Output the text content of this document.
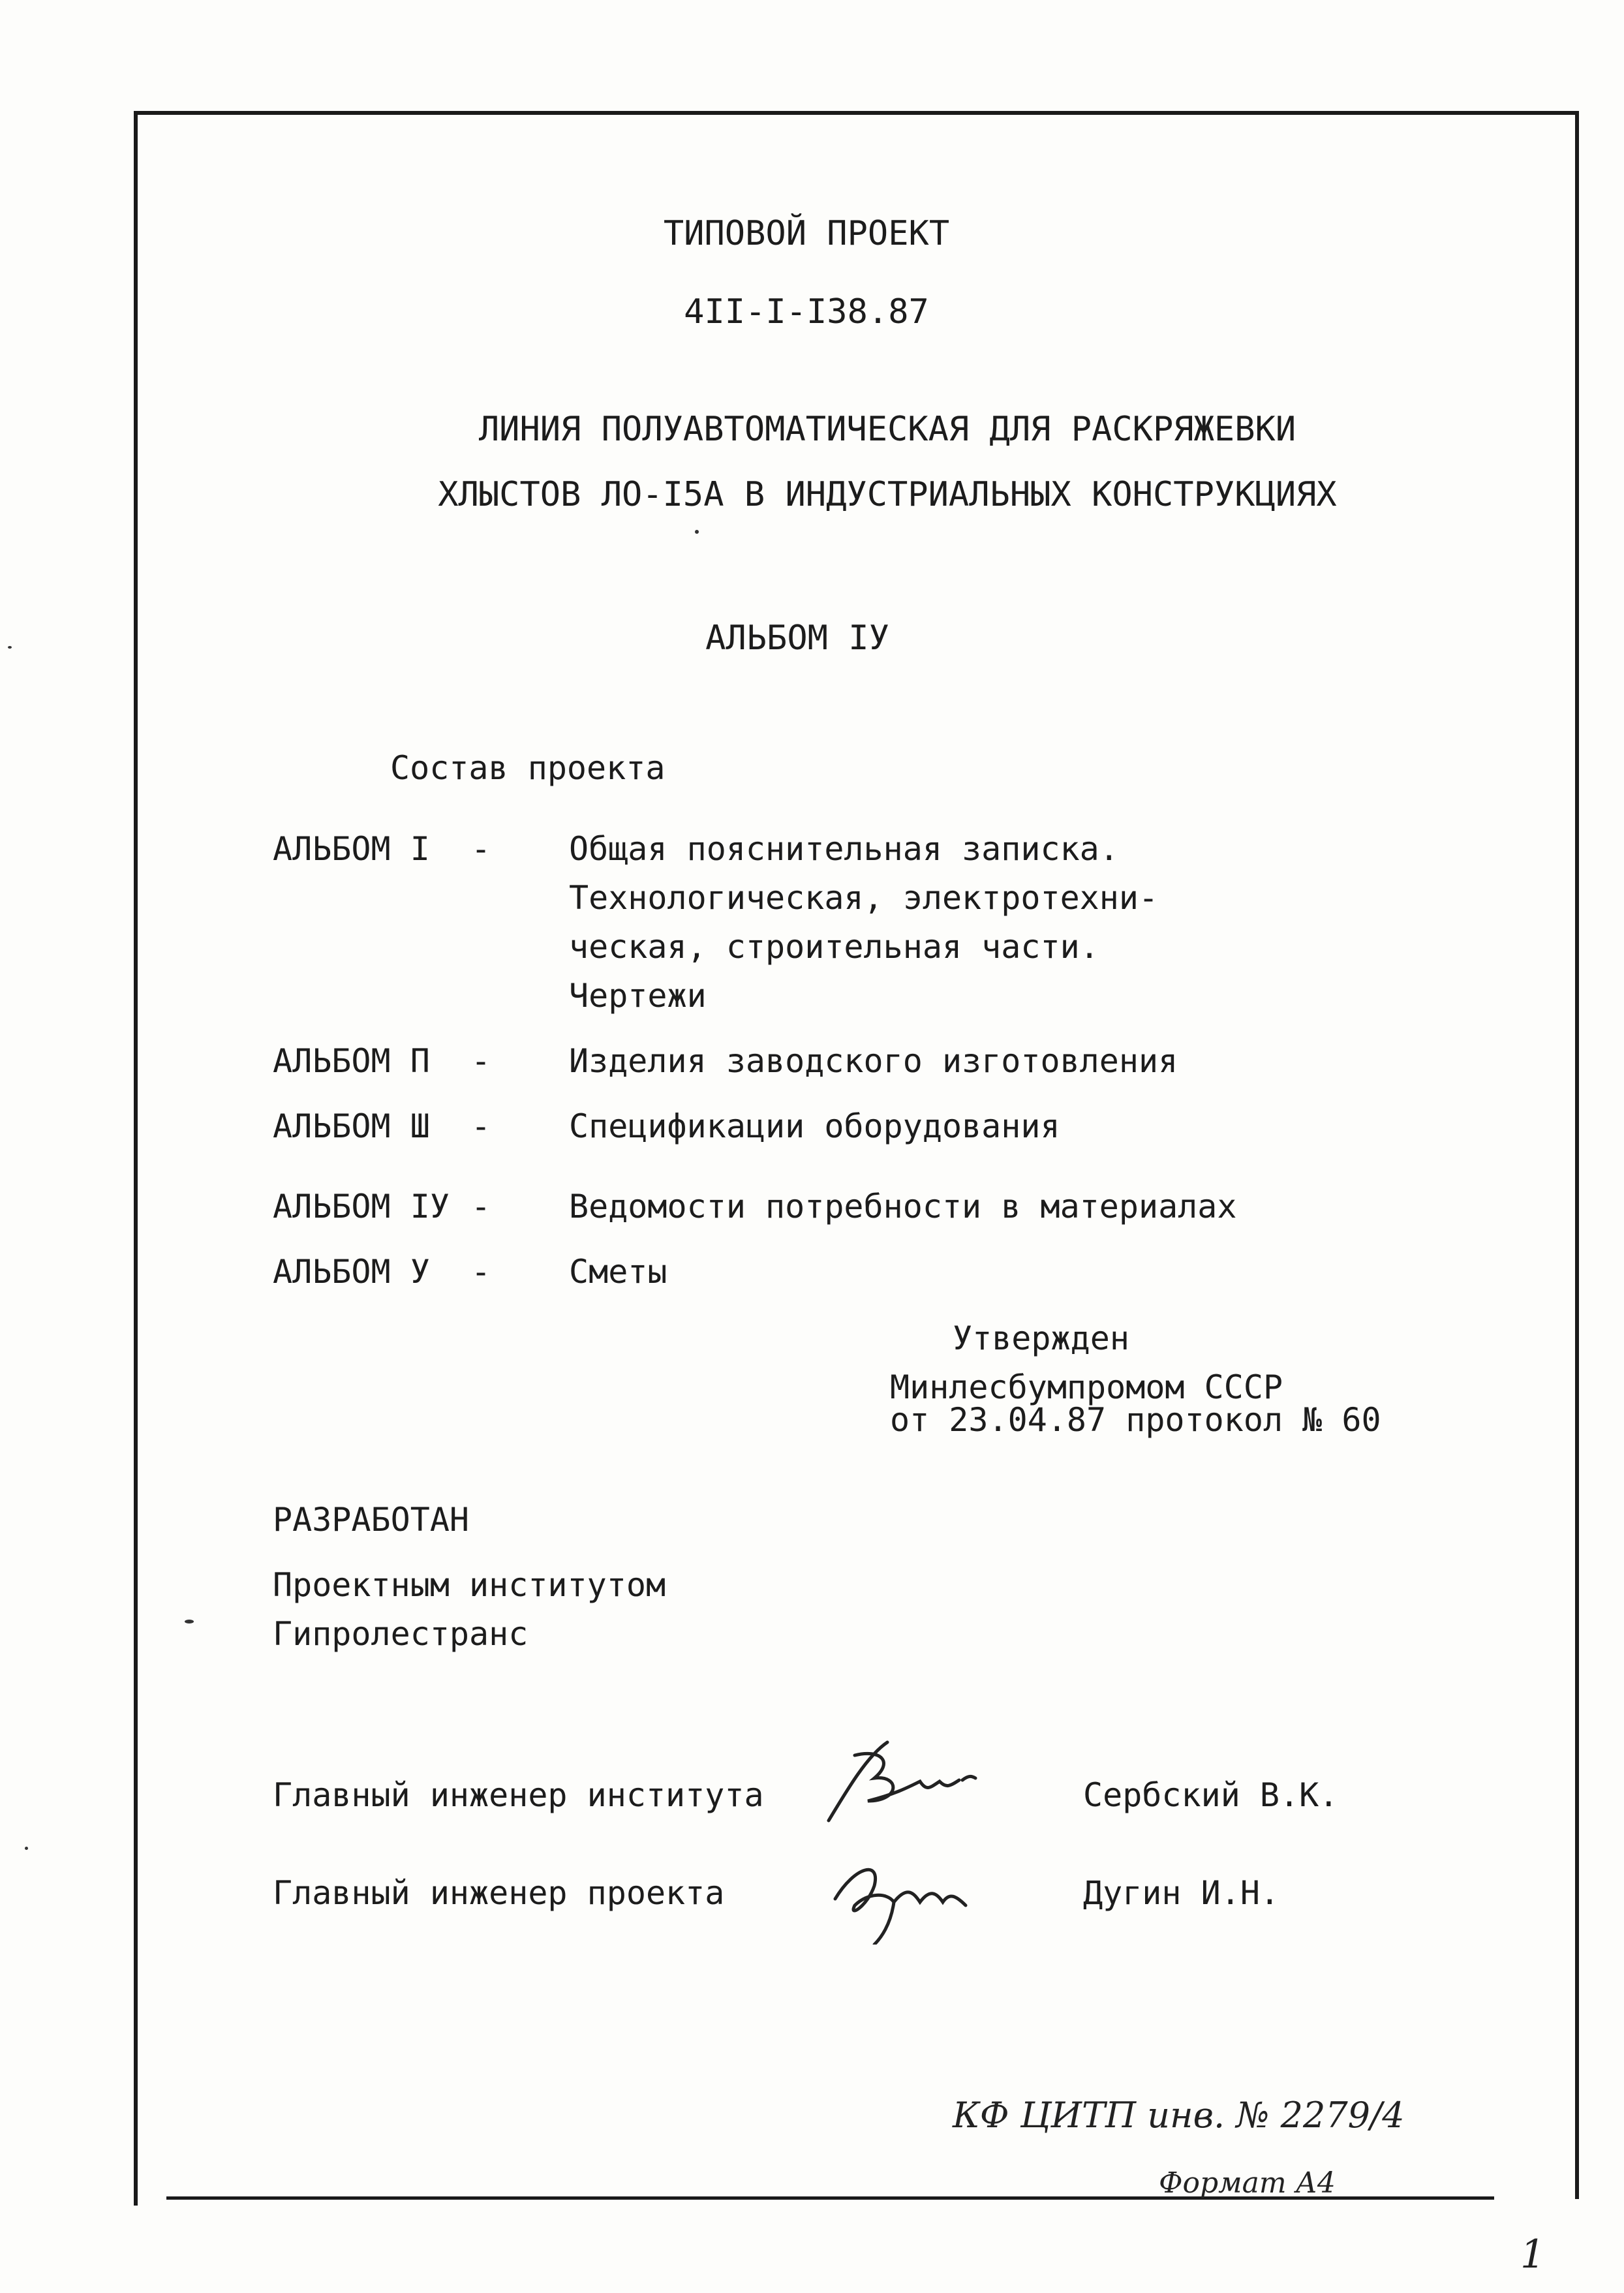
ТИПОВОЙ ПРОЕКТ
4II-I-I38.87
ЛИНИЯ ПОЛУАВТОМАТИЧЕСКАЯ ДЛЯ РАСКРЯЖЕВКИ
ХЛЫСТОВ ЛО-I5А В ИНДУСТРИАЛЬНЫХ КОНСТРУКЦИЯХ
АЛЬБОМ IУ
Состав проекта
АЛЬБОМ I - Общая пояснительная записка.
Технологическая, электротехни-
ческая, строительная части.
Чертежи
АЛЬБОМ П - Изделия заводского изготовления
АЛЬБОМ Ш - Спецификации оборудования
АЛЬБОМ IУ - Ведомости потребности в материалах
АЛЬБОМ У - Сметы
Утвержден
Минлесбумпромом СССР
от 23.04.87 протокол № 60
РАЗРАБОТАН
Проектным институтом
Гипролестранс
Главный инженер института	Сербский В.К.
Главный инженер проекта	Дугин И.Н.
КФ ЦИТП инв. № 2279/4
Формат А4
1
